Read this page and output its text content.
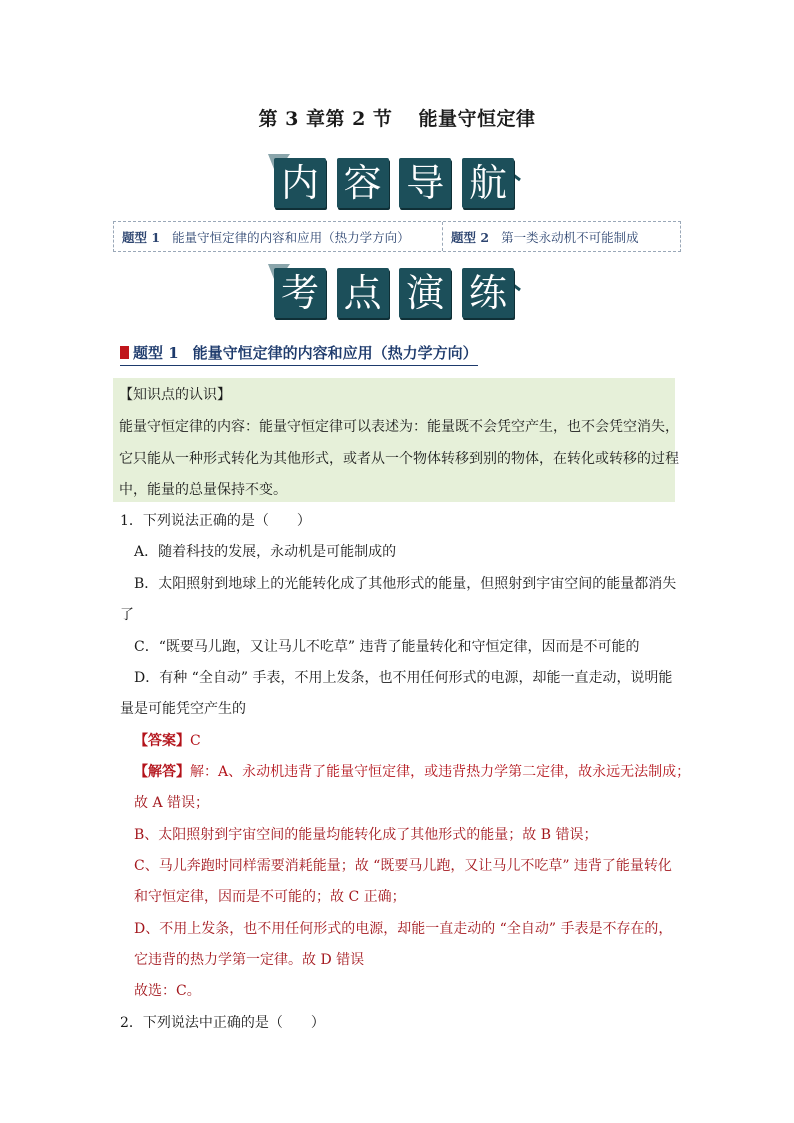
第 3 章第 2 节 能量守恒定律
内 容 导 航
题型 1 能量守恒定律的内容和应用（热力学方向）	题型 2 第一类永动机不可能制成
考 点 演 练
题型 1 能量守恒定律的内容和应用（热力学方向）
【知识点的认识】
能量守恒定律的内容：能量守恒定律可以表述为：能量既不会凭空产生，也不会凭空消失，
它只能从一种形式转化为其他形式，或者从一个物体转移到别的物体，在转化或转移的过程
中，能量的总量保持不变。
1．下列说法正确的是（　　）
A．随着科技的发展，永动机是可能制成的
B．太阳照射到地球上的光能转化成了其他形式的能量，但照射到宇宙空间的能量都消失
了
C．“既要马儿跑，又让马儿不吃草” 违背了能量转化和守恒定律，因而是不可能的
D．有种 “全自动” 手表，不用上发条，也不用任何形式的电源，却能一直走动，说明能
量是可能凭空产生的
【答案】C
【解答】解：A、永动机违背了能量守恒定律，或违背热力学第二定律，故永远无法制成；
故 A 错误；
B、太阳照射到宇宙空间的能量均能转化成了其他形式的能量；故 B 错误；
C、马儿奔跑时同样需要消耗能量；故 “既要马儿跑，又让马儿不吃草” 违背了能量转化
和守恒定律，因而是不可能的；故 C 正确；
D、不用上发条，也不用任何形式的电源，却能一直走动的 “全自动” 手表是不存在的，
它违背的热力学第一定律。故 D 错误
故选：C。
2．下列说法中正确的是（　　）
